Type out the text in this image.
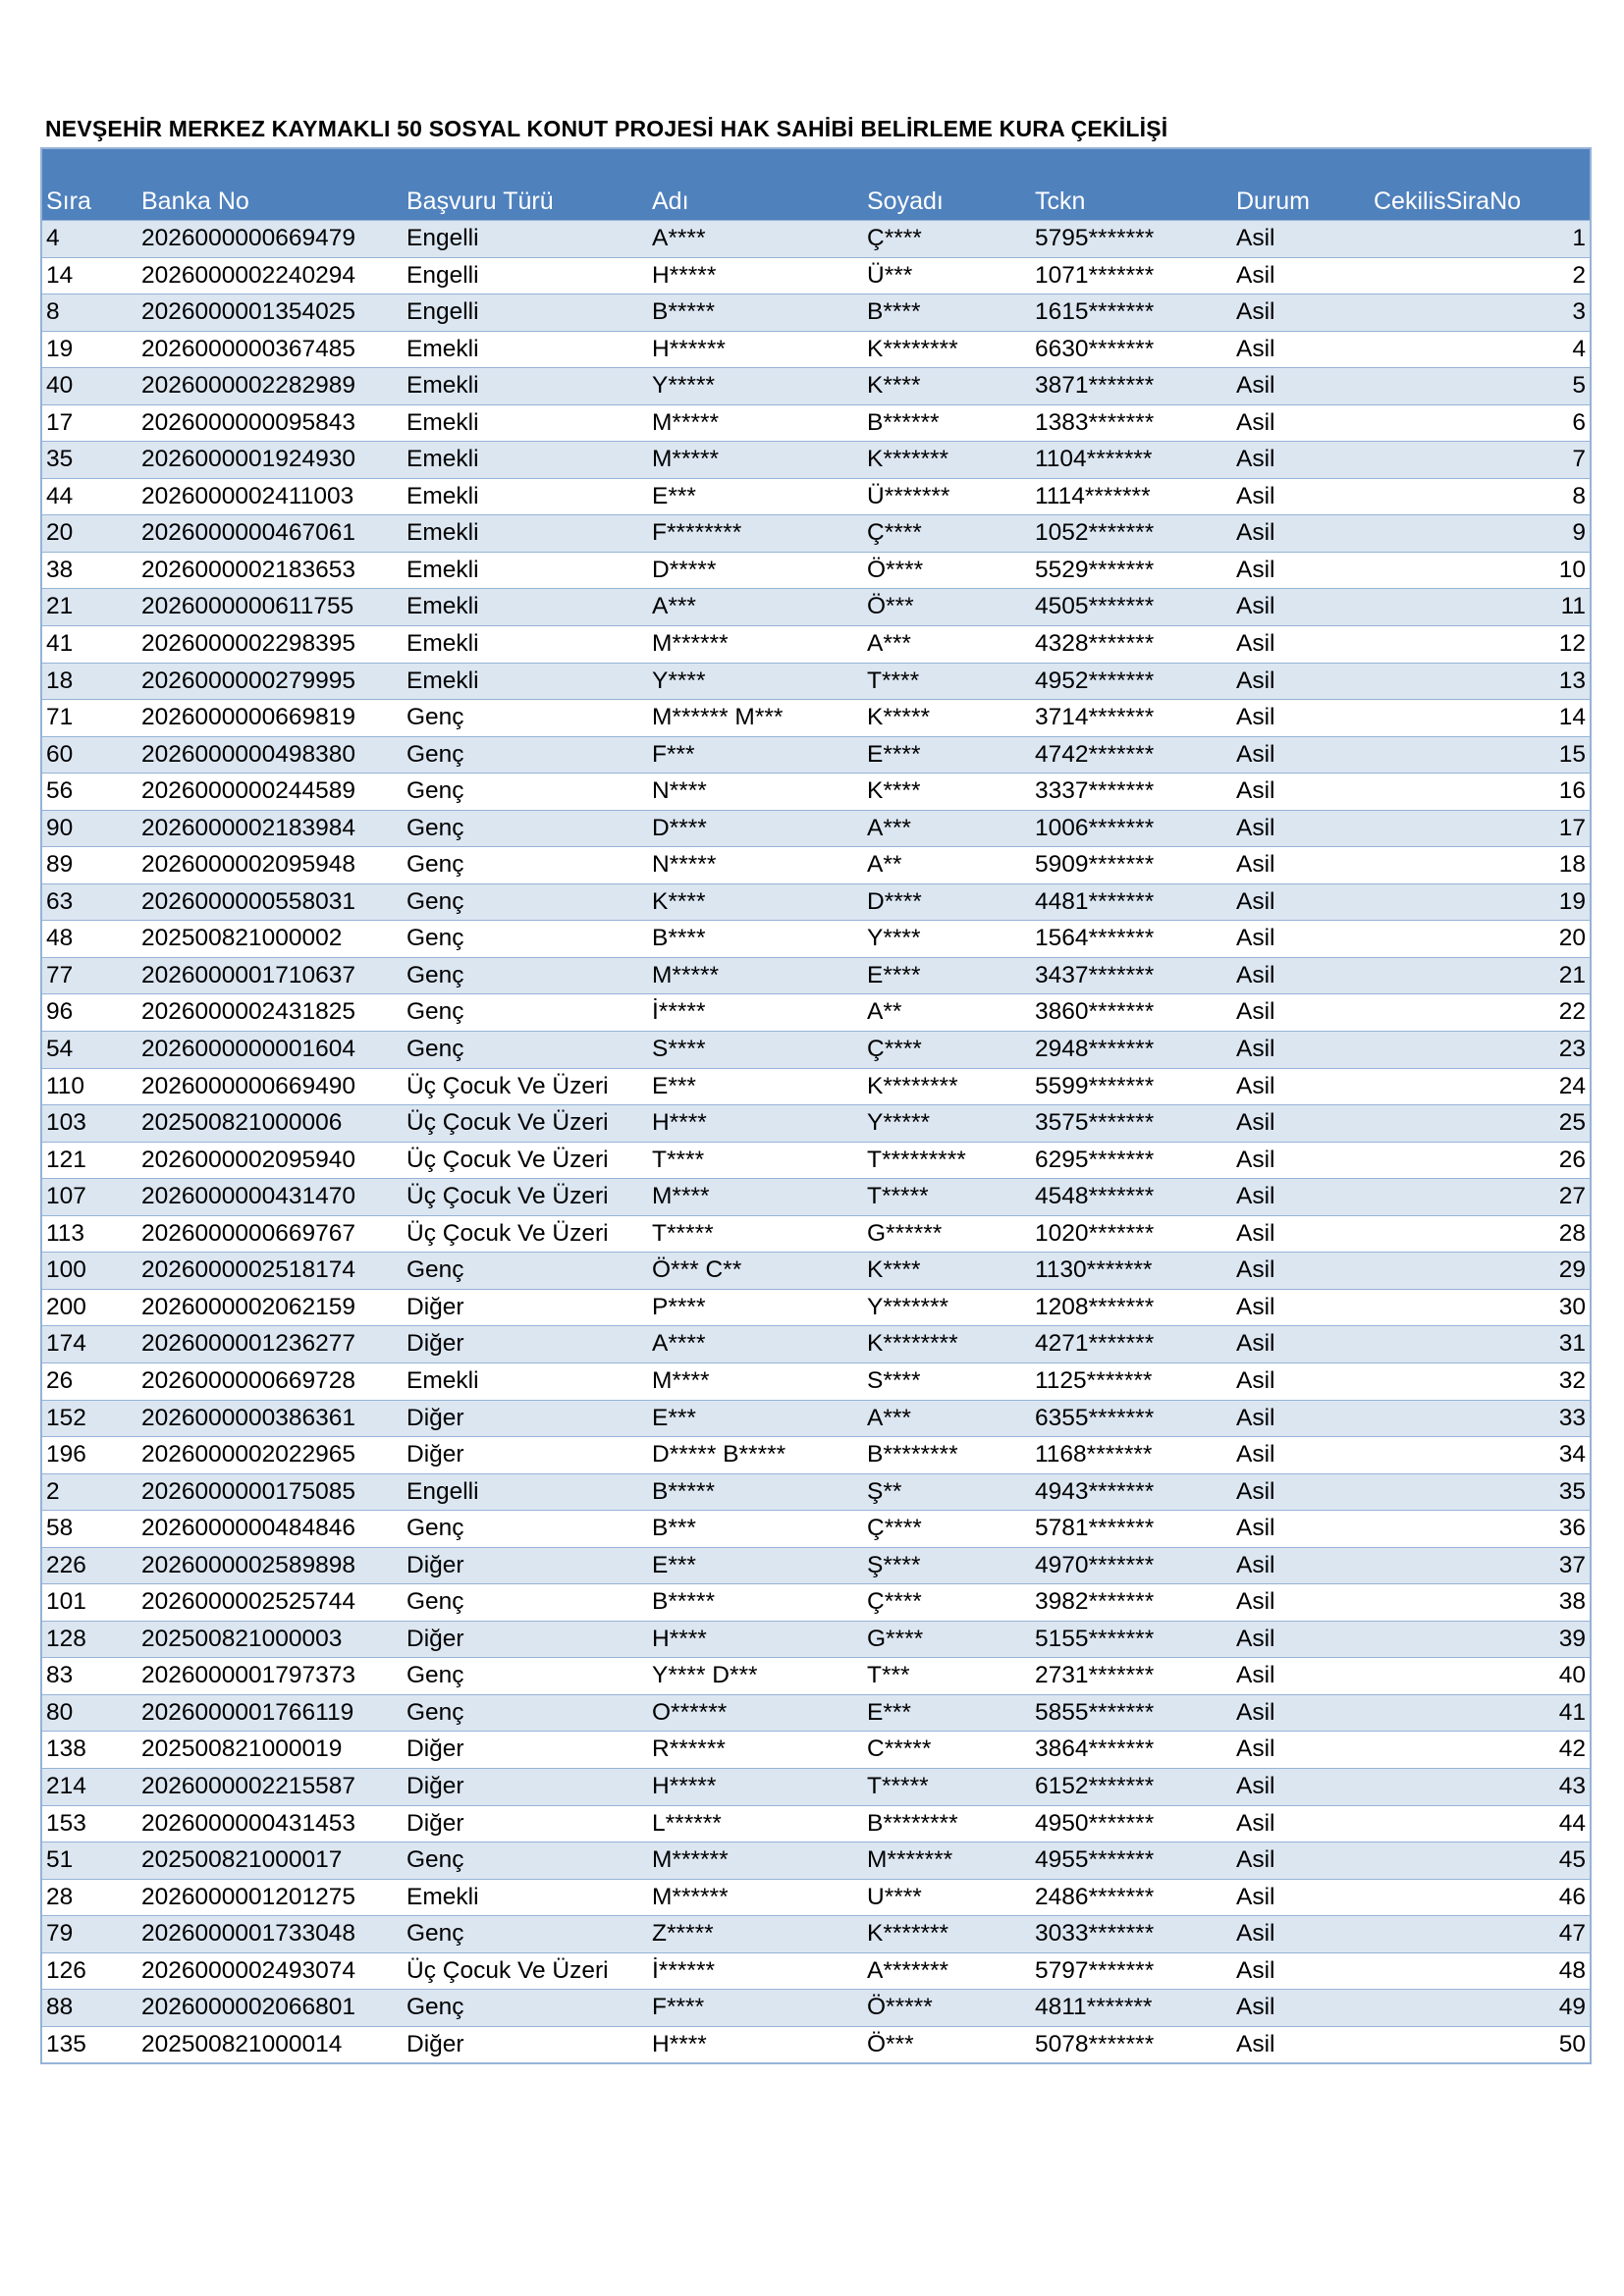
NEVŞEHİR MERKEZ KAYMAKLI 50 SOSYAL KONUT PROJESİ HAK SAHİBİ BELİRLEME KURA ÇEKİLİŞİ
Sıra Banka No	Başvuru Türü	Adı	Soyadı	Tckn	Durum	CekilisSiraNo
4	2026000000669479 Engelli	A****	Ç****	5795*******	Asil	1
14	2026000002240294 Engelli	H*****	Ü***	1071*******	Asil	2
8	2026000001354025 Engelli	B*****	B****	1615*******	Asil	3
19	2026000000367485 Emekli	H******	K********	6630*******	Asil	4
40	2026000002282989 Emekli	Y*****	K****	3871*******	Asil	5
17	2026000000095843 Emekli	M*****	B******	1383*******	Asil	6
35	2026000001924930 Emekli	M*****	K*******	1104*******	Asil	7
44	2026000002411003 Emekli	E***	Ü*******	1114*******	Asil	8
20	2026000000467061 Emekli	F********	Ç****	1052*******	Asil	9
38	2026000002183653 Emekli	D*****	Ö****	5529*******	Asil	10
21	2026000000611755 Emekli	A***	Ö***	4505*******	Asil	11
41	2026000002298395 Emekli	M******	A***	4328*******	Asil	12
18	2026000000279995 Emekli	Y****	T****	4952*******	Asil	13
71	2026000000669819 Genç	M****** M***	K*****	3714*******	Asil	14
60	2026000000498380 Genç	F***	E****	4742*******	Asil	15
56	2026000000244589 Genç	N****	K****	3337*******	Asil	16
90	2026000002183984 Genç	D****	A***	1006*******	Asil	17
89	2026000002095948 Genç	N*****	A**	5909*******	Asil	18
63	2026000000558031 Genç	K****	D****	4481*******	Asil	19
48	202500821000002	Genç	B****	Y****	1564*******	Asil	20
77	2026000001710637 Genç	M*****	E****	3437*******	Asil	21
96	2026000002431825 Genç	İ*****	A**	3860*******	Asil	22
54	2026000000001604 Genç	S****	Ç****	2948*******	Asil	23
110 2026000000669490 Üç Çocuk Ve Üzeri E***	K********	5599*******	Asil	24
103 202500821000006	Üç Çocuk Ve Üzeri H****	Y*****	3575*******	Asil	25
121 2026000002095940 Üç Çocuk Ve Üzeri T****	T*********	6295*******	Asil	26
107 2026000000431470 Üç Çocuk Ve Üzeri M****	T*****	4548*******	Asil	27
113 2026000000669767 Üç Çocuk Ve Üzeri T*****	G******	1020*******	Asil	28
100 2026000002518174 Genç	Ö*** C**	K****	1130*******	Asil	29
200 2026000002062159 Diğer	P****	Y*******	1208*******	Asil	30
174 2026000001236277 Diğer	A****	K********	4271*******	Asil	31
26	2026000000669728 Emekli	M****	S****	1125*******	Asil	32
152 2026000000386361 Diğer	E***	A***	6355*******	Asil	33
196 2026000002022965 Diğer	D***** B*****	B********	1168*******	Asil	34
2	2026000000175085 Engelli	B*****	Ş**	4943*******	Asil	35
58	2026000000484846 Genç	B***	Ç****	5781*******	Asil	36
226 2026000002589898 Diğer	E***	Ş****	4970*******	Asil	37
101 2026000002525744 Genç	B*****	Ç****	3982*******	Asil	38
128 202500821000003	Diğer	H****	G****	5155*******	Asil	39
83	2026000001797373 Genç	Y**** D***	T***	2731*******	Asil	40
80	2026000001766119 Genç	O******	E***	5855*******	Asil	41
138 202500821000019	Diğer	R******	C*****	3864*******	Asil	42
214 2026000002215587 Diğer	H*****	T*****	6152*******	Asil	43
153 2026000000431453 Diğer	L******	B********	4950*******	Asil	44
51	202500821000017	Genç	M******	M*******	4955*******	Asil	45
28	2026000001201275 Emekli	M******	U****	2486*******	Asil	46
79	2026000001733048 Genç	Z*****	K*******	3033*******	Asil	47
126 2026000002493074 Üç Çocuk Ve Üzeri İ******	A*******	5797*******	Asil	48
88	2026000002066801 Genç	F****	Ö*****	4811*******	Asil	49
135 202500821000014	Diğer	H****	Ö***	5078*******	Asil	50
